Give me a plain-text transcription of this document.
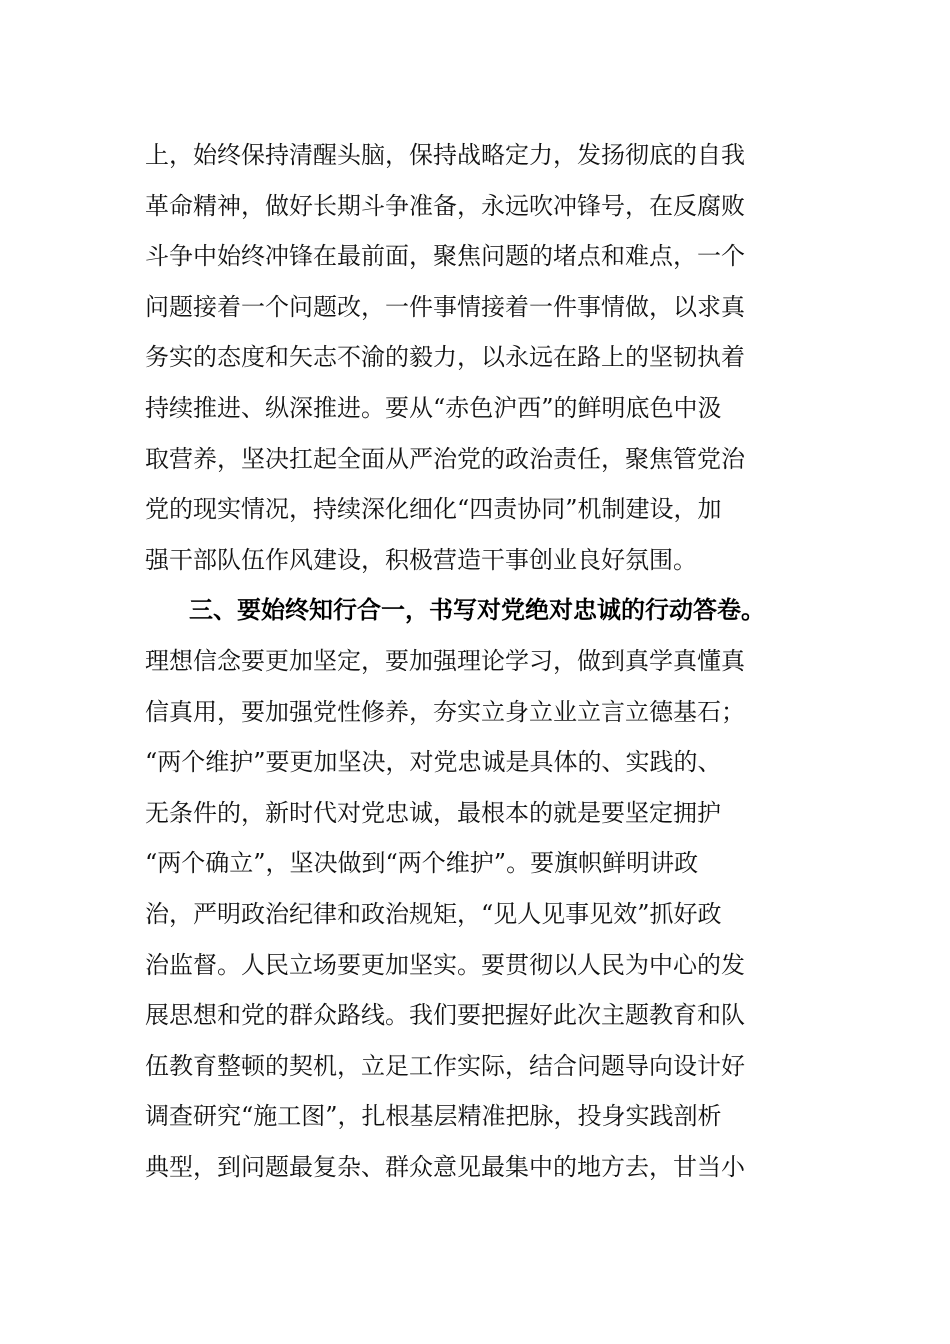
上，始终保持清醒头脑，保持战略定力，发扬彻底的自我
革命精神，做好长期斗争准备，永远吹冲锋号，在反腐败
斗争中始终冲锋在最前面，聚焦问题的堵点和难点，一个
问题接着一个问题改，一件事情接着一件事情做，以求真
务实的态度和矢志不渝的毅力，以永远在路上的坚韧执着
持续推进、纵深推进。要从“赤色沪西”的鲜明底色中汲
取营养，坚决扛起全面从严治党的政治责任，聚焦管党治
党的现实情况，持续深化细化“四责协同”机制建设，加
强干部队伍作风建设，积极营造干事创业良好氛围。
三、要始终知行合一，书写对党绝对忠诚的行动答卷。
理想信念要更加坚定，要加强理论学习，做到真学真懂真
信真用，要加强党性修养，夯实立身立业立言立德基石；
“两个维护”要更加坚决，对党忠诚是具体的、实践的、
无条件的，新时代对党忠诚，最根本的就是要坚定拥护
“两个确立”，坚决做到“两个维护”。要旗帜鲜明讲政
治，严明政治纪律和政治规矩，“见人见事见效”抓好政
治监督。人民立场要更加坚实。要贯彻以人民为中心的发
展思想和党的群众路线。我们要把握好此次主题教育和队
伍教育整顿的契机，立足工作实际，结合问题导向设计好
调查研究“施工图”，扎根基层精准把脉，投身实践剖析
典型，到问题最复杂、群众意见最集中的地方去，甘当小
